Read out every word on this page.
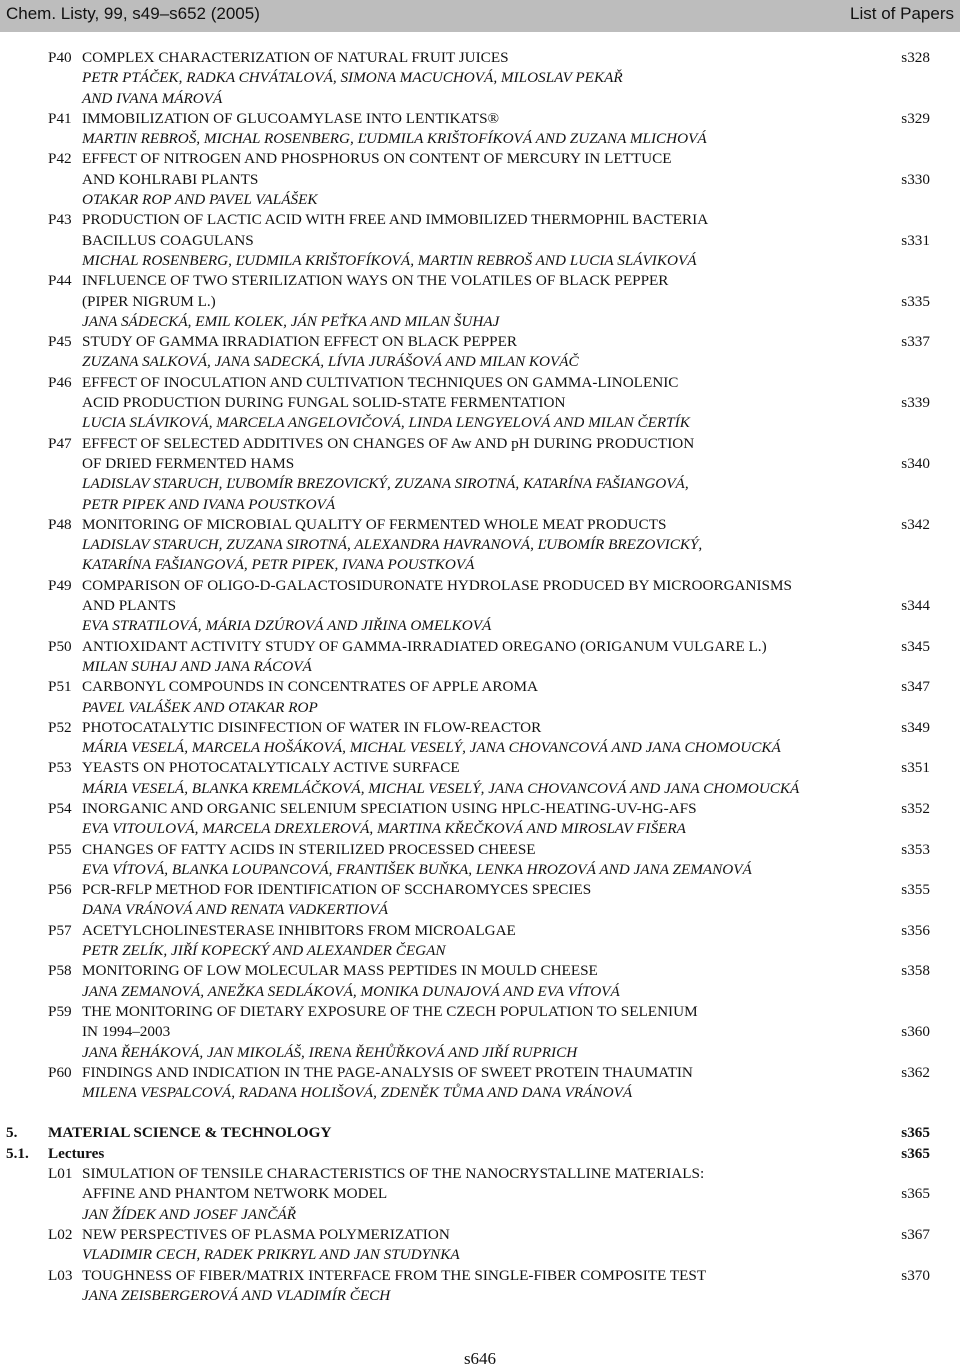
Chem. Listy, 99, s49–s652 (2005)	List of Papers
P40 COMPLEX CHARACTERIZATION OF NATURAL FRUIT JUICES	s328
PETR PTÁČEK, RADKA CHVÁTALOVÁ, SIMONA MACUCHOVÁ, MILOSLAV PEKAŘ
AND IVANA MÁROVÁ
P41 IMMOBILIZATION OF GLUCOAMYLASE INTO LENTIKATS®	s329
MARTIN REBROŠ, MICHAL ROSENBERG, ĽUDMILA KRIŠTOFÍKOVÁ AND ZUZANA MLICHOVÁ
P42 EFFECT OF NITROGEN AND PHOSPHORUS ON CONTENT OF MERCURY IN LETTUCE
AND KOHLRABI PLANTS	s330
OTAKAR ROP AND PAVEL VALÁŠEK
P43 PRODUCTION OF LACTIC ACID WITH FREE AND IMMOBILIZED THERMOPHIL BACTERIA
BACILLUS COAGULANS	s331
MICHAL ROSENBERG, ĽUDMILA KRIŠTOFÍKOVÁ, MARTIN REBROŠ AND LUCIA SLÁVIKOVÁ
P44 INFLUENCE OF TWO STERILIZATION WAYS ON THE VOLATILES OF BLACK PEPPER
(PIPER NIGRUM L.)	s335
JANA SÁDECKÁ, EMIL KOLEK, JÁN PEŤKA AND MILAN ŠUHAJ
P45 STUDY OF GAMMA IRRADIATION EFFECT ON BLACK PEPPER	s337
ZUZANA SALKOVÁ, JANA SADECKÁ, LÍVIA JURÁŠOVÁ AND MILAN KOVÁČ
P46 EFFECT OF INOCULATION AND CULTIVATION TECHNIQUES ON GAMMA-LINOLENIC
ACID PRODUCTION DURING FUNGAL SOLID-STATE FERMENTATION	s339
LUCIA SLÁVIKOVÁ, MARCELA ANGELOVIČOVÁ, LINDA LENGYELOVÁ AND MILAN ČERTÍK
P47 EFFECT OF SELECTED ADDITIVES ON CHANGES OF Aw AND pH DURING PRODUCTION
OF DRIED FERMENTED HAMS	s340
LADISLAV STARUCH, ĽUBOMÍR BREZOVICKÝ, ZUZANA SIROTNÁ, KATARÍNA FAŠIANGOVÁ,
PETR PIPEK AND IVANA POUSTKOVÁ
P48 MONITORING OF MICROBIAL QUALITY OF FERMENTED WHOLE MEAT PRODUCTS	s342
LADISLAV STARUCH, ZUZANA SIROTNÁ, ALEXANDRA HAVRANOVÁ, ĽUBOMÍR BREZOVICKÝ,
KATARÍNA FAŠIANGOVÁ, PETR PIPEK, IVANA POUSTKOVÁ
P49 COMPARISON OF OLIGO-D-GALACTOSIDURONATE HYDROLASE PRODUCED BY MICROORGANISMS
AND PLANTS	s344
EVA STRATILOVÁ, MÁRIA DZÚROVÁ AND JIŘINA OMELKOVÁ
P50 ANTIOXIDANT ACTIVITY STUDY OF GAMMA-IRRADIATED OREGANO (ORIGANUM VULGARE L.)	s345
MILAN SUHAJ AND JANA RÁCOVÁ
P51 CARBONYL COMPOUNDS IN CONCENTRATES OF APPLE AROMA	s347
PAVEL VALÁŠEK AND OTAKAR ROP
P52 PHOTOCATALYTIC DISINFECTION OF WATER IN FLOW-REACTOR	s349
MÁRIA VESELÁ, MARCELA HOŠÁKOVÁ, MICHAL VESELÝ, JANA CHOVANCOVÁ AND JANA CHOMOUCKÁ
P53 YEASTS ON PHOTOCATALYTICALY ACTIVE SURFACE	s351
MÁRIA VESELÁ, BLANKA KREMLÁČKOVÁ, MICHAL VESELÝ, JANA CHOVANCOVÁ AND JANA CHOMOUCKÁ
P54 INORGANIC AND ORGANIC SELENIUM SPECIATION USING HPLC-HEATING-UV-HG-AFS	s352
EVA VITOULOVÁ, MARCELA DREXLEROVÁ, MARTINA KŘEČKOVÁ AND MIROSLAV FIŠERA
P55 CHANGES OF FATTY ACIDS IN STERILIZED PROCESSED CHEESE	s353
EVA VÍTOVÁ, BLANKA LOUPANCOVÁ, FRANTIŠEK BUŇKA, LENKA HROZOVÁ AND JANA ZEMANOVÁ
P56 PCR-RFLP METHOD FOR IDENTIFICATION OF SCCHAROMYCES SPECIES	s355
DANA VRÁNOVÁ AND RENATA VADKERTIOVÁ
P57 ACETYLCHOLINESTERASE INHIBITORS FROM MICROALGAE	s356
PETR ZELÍK, JIŘÍ KOPECKÝ AND ALEXANDER ČEGAN
P58 MONITORING OF LOW MOLECULAR MASS PEPTIDES IN MOULD CHEESE	s358
JANA ZEMANOVÁ, ANEŽKA SEDLÁKOVÁ, MONIKA DUNAJOVÁ AND EVA VÍTOVÁ
P59 THE MONITORING OF DIETARY EXPOSURE OF THE CZECH POPULATION TO SELENIUM
IN 1994–2003	s360
JANA ŘEHÁKOVÁ, JAN MIKOLÁŠ, IRENA ŘEHŮŘKOVÁ AND JIŘÍ RUPRICH
P60 FINDINGS AND INDICATION IN THE PAGE-ANALYSIS OF SWEET PROTEIN THAUMATIN	s362
MILENA VESPALCOVÁ, RADANA HOLIŠOVÁ, ZDENĚK TŮMA AND DANA VRÁNOVÁ
5. MATERIAL SCIENCE & TECHNOLOGY	s365
5.1. Lectures	s365
L01 SIMULATION OF TENSILE CHARACTERISTICS OF THE NANOCRYSTALLINE MATERIALS:
AFFINE AND PHANTOM NETWORK MODEL	s365
JAN ŽÍDEK AND JOSEF JANČÁŘ
L02 NEW PERSPECTIVES OF PLASMA POLYMERIZATION	s367
VLADIMIR CECH, RADEK PRIKRYL AND JAN STUDYNKA
L03 TOUGHNESS OF FIBER/MATRIX INTERFACE FROM THE SINGLE-FIBER COMPOSITE TEST	s370
JANA ZEISBERGEROVÁ AND VLADIMÍR ČECH
s646
